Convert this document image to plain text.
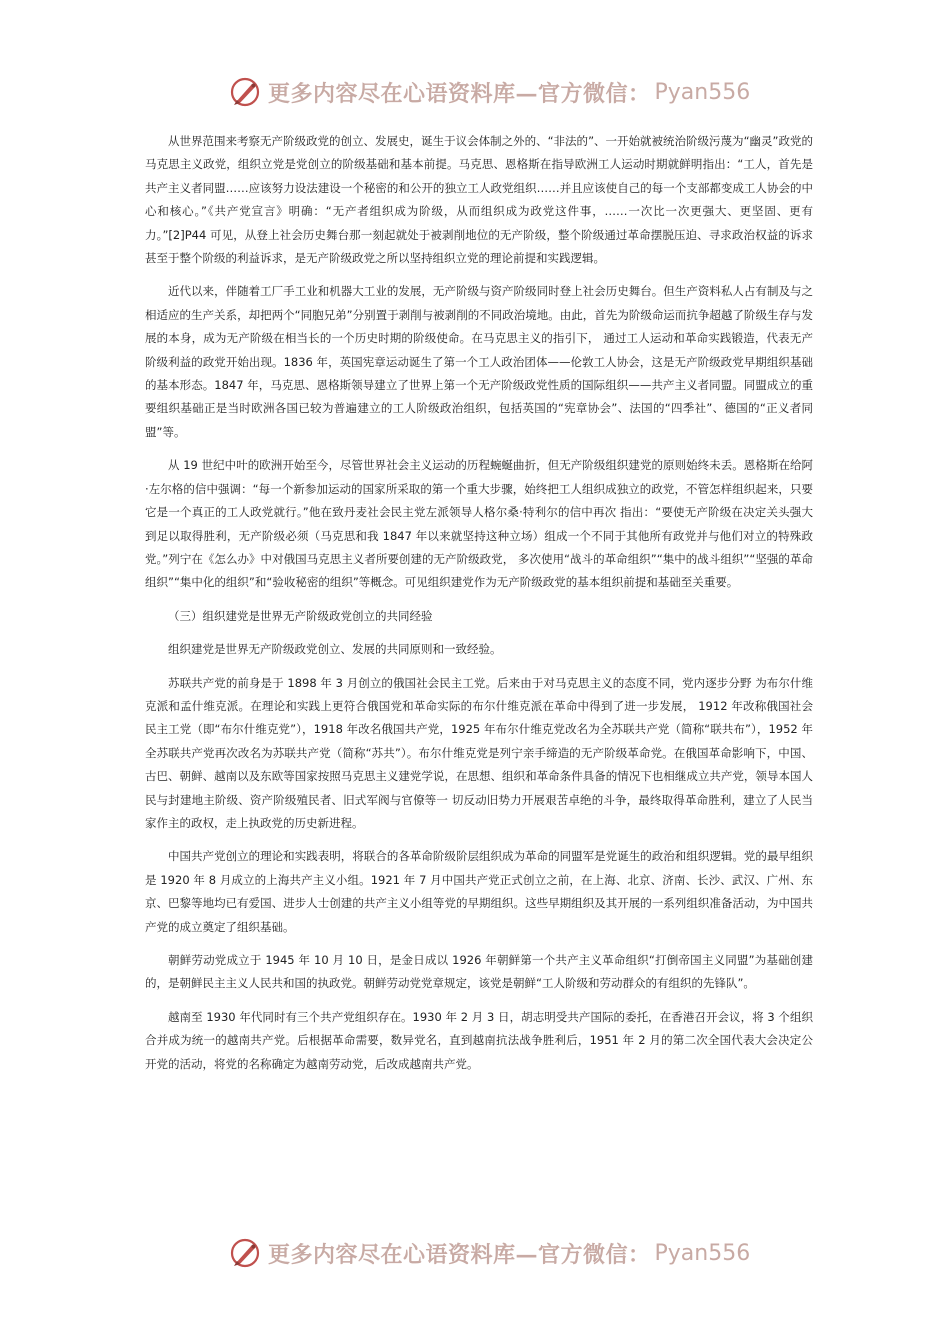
更多内容尽在心语资料库—官方微信： Pyan556

从世界范围来考察无产阶级政党的创立、发展史，诞生于议会体制之外的、“非法的”、一开始就被统治阶级污蔑为“幽灵”政党的马克思主义政党，组织立党是党创立的阶级基础和基本前提。马克思、恩格斯在指导欧洲工人运动时期就鲜明指出：“工人，首先是共产主义者同盟……应该努力设法建设一个秘密的和公开的独立工人政党组织……并且应该使自己的每一个支部都变成工人协会的中心和核心。”《共产党宣言》明确：“无产者组织成为阶级，从而组织成为政党这件事，……一次比一次更强大、更坚固、更有力。”[2]P44 可见，从登上社会历史舞台那一刻起就处于被剥削地位的无产阶级，整个阶级通过革命摆脱压迫、寻求政治权益的诉求甚至于整个阶级的利益诉求，是无产阶级政党之所以坚持组织立党的理论前提和实践逻辑。

近代以来，伴随着工厂手工业和机器大工业的发展，无产阶级与资产阶级同时登上社会历史舞台。但生产资料私人占有制及与之相适应的生产关系，却把两个“同胞兄弟”分别置于剥削与被剥削的不同政治境地。由此，首先为阶级命运而抗争超越了阶级生存与发展的本身，成为无产阶级在相当长的一个历史时期的阶级使命。在马克思主义的指引下， 通过工人运动和革命实践锻造，代表无产阶级利益的政党开始出现。1836 年，英国宪章运动诞生了第一个工人政治团体——伦敦工人协会，这是无产阶级政党早期组织基础的基本形态。1847 年，马克思、恩格斯领导建立了世界上第一个无产阶级政党性质的国际组织——共产主义者同盟。同盟成立的重要组织基础正是当时欧洲各国已较为普遍建立的工人阶级政治组织，包括英国的“宪章协会”、法国的“四季社”、德国的“正义者同盟”等。

从 19 世纪中叶的欧洲开始至今，尽管世界社会主义运动的历程蜿蜒曲折，但无产阶级组织建党的原则始终未丢。恩格斯在给阿·左尔格的信中强调：“每一个新参加运动的国家所采取的第一个重大步骤，始终把工人组织成独立的政党，不管怎样组织起来，只要它是一个真正的工人政党就行。”他在致丹麦社会民主党左派领导人格尔桑·特利尔的信中再次 指出：“要使无产阶级在决定关头强大到足以取得胜利，无产阶级必须（马克思和我 1847 年以来就坚持这种立场）组成一个不同于其他所有政党并与他们对立的特殊政党。”列宁在《怎么办》中对俄国马克思主义者所要创建的无产阶级政党， 多次使用“战斗的革命组织”“集中的战斗组织”“坚强的革命组织”“集中化的组织”和“验收秘密的组织”等概念。可见组织建党作为无产阶级政党的基本组织前提和基础至关重要。

（三）组织建党是世界无产阶级政党创立的共同经验

组织建党是世界无产阶级政党创立、发展的共同原则和一致经验。

苏联共产党的前身是于 1898 年 3 月创立的俄国社会民主工党。后来由于对马克思主义的态度不同，党内逐步分野 为布尔什维克派和孟什维克派。在理论和实践上更符合俄国党和革命实际的布尔什维克派在革命中得到了进一步发展， 1912 年改称俄国社会民主工党（即“布尔什维克党”），1918 年改名俄国共产党，1925 年布尔什维克党改名为全苏联共产党（简称“联共布”），1952 年全苏联共产党再次改名为苏联共产党（简称“苏共”）。布尔什维克党是列宁亲手缔造的无产阶级革命党。在俄国革命影响下，中国、古巴、朝鲜、越南以及东欧等国家按照马克思主义建党学说，在思想、组织和革命条件具备的情况下也相继成立共产党，领导本国人民与封建地主阶级、资产阶级殖民者、旧式军阀与官僚等一 切反动旧势力开展艰苦卓绝的斗争，最终取得革命胜利，建立了人民当家作主的政权，走上执政党的历史新进程。

中国共产党创立的理论和实践表明，将联合的各革命阶级阶层组织成为革命的同盟军是党诞生的政治和组织逻辑。党的最早组织是 1920 年 8 月成立的上海共产主义小组。1921 年 7 月中国共产党正式创立之前，在上海、北京、济南、长沙、武汉、广州、东京、巴黎等地均已有爱国、进步人士创建的共产主义小组等党的早期组织。这些早期组织及其开展的一系列组织准备活动，为中国共产党的成立奠定了组织基础。

朝鲜劳动党成立于 1945 年 10 月 10 日，是金日成以 1926 年朝鲜第一个共产主义革命组织“打倒帝国主义同盟”为基础创建的，是朝鲜民主主义人民共和国的执政党。朝鲜劳动党党章规定，该党是朝鲜“工人阶级和劳动群众的有组织的先锋队”。

越南至 1930 年代同时有三个共产党组织存在。1930 年 2 月 3 日，胡志明受共产国际的委托，在香港召开会议，将 3 个组织合并成为统一的越南共产党。后根据革命需要，数异党名，直到越南抗法战争胜利后，1951 年 2 月的第二次全国代表大会决定公开党的活动，将党的名称确定为越南劳动党，后改成越南共产党。

更多内容尽在心语资料库—官方微信： Pyan556
